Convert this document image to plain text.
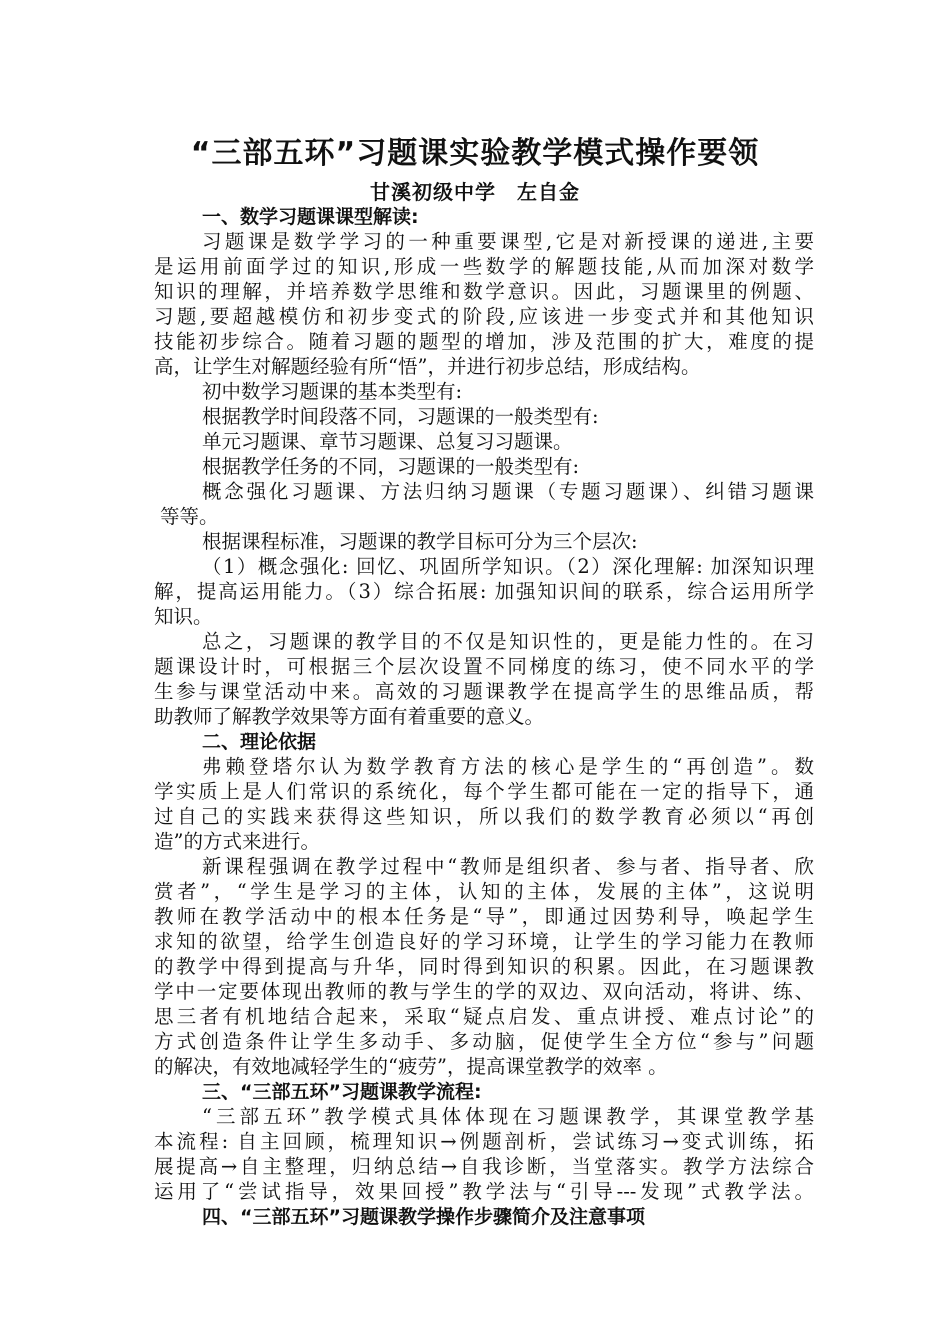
“三部五环”习题课实验教学模式操作要领
甘溪初级中学　左自金
一、数学习题课课型解读:
习题课是数学学习的一种重要课型,它是对新授课的递进,主要
是运用前面学过的知识,形成一些数学的解题技能,从而加深对数学
知识的理解，并培养数学思维和数学意识。因此，习题课里的例题、
习题,要超越模仿和初步变式的阶段,应该进一步变式并和其他知识
技能初步综合。随着习题的题型的增加，涉及范围的扩大，难度的提
高，让学生对解题经验有所“悟”，并进行初步总结，形成结构。
初中数学习题课的基本类型有:
根据教学时间段落不同，习题课的一般类型有:
单元习题课、章节习题课、总复习习题课。
根据教学任务的不同，习题课的一般类型有:
概念强化习题课、方法归纳习题课（专题习题课）、纠错习题课
等等。
根据课程标准，习题课的教学目标可分为三个层次:
（1）概念强化: 回忆、巩固所学知识。（2）深化理解: 加深知识理
解，提高运用能力。（3）综合拓展: 加强知识间的联系，综合运用所学
知识。
总之，习题课的教学目的不仅是知识性的，更是能力性的。在习
题课设计时，可根据三个层次设置不同梯度的练习，使不同水平的学
生参与课堂活动中来。高效的习题课教学在提高学生的思维品质，帮
助教师了解教学效果等方面有着重要的意义。
二、理论依据
弗赖登塔尔认为数学教育方法的核心是学生的“再创造”。数
学实质上是人们常识的系统化，每个学生都可能在一定的指导下，通
过自己的实践来获得这些知识，所以我们的数学教育必须以“再创
造”的方式来进行。
新课程强调在教学过程中“教师是组织者、参与者、指导者、欣
赏者”，“学生是学习的主体，认知的主体，发展的主体”，这说明
教师在教学活动中的根本任务是“导”，即通过因势利导，唤起学生
求知的欲望，给学生创造良好的学习环境，让学生的学习能力在教师
的教学中得到提高与升华，同时得到知识的积累。因此，在习题课教
学中一定要体现出教师的教与学生的学的双边、双向活动，将讲、练、
思三者有机地结合起来，采取“疑点启发、重点讲授、难点讨论”的
方式创造条件让学生多动手、多动脑，促使学生全方位“参与”问题
的解决，有效地减轻学生的“疲劳”，提高课堂教学的效率 。
三、“三部五环”习题课教学流程:
“三部五环”教学模式具体体现在习题课教学，其课堂教学基
本流程: 自主回顾，梳理知识→例题剖析，尝试练习→变式训练，拓
展提高→自主整理，归纳总结→自我诊断，当堂落实。教学方法综合
运用了“尝试指导，效果回授”教学法与“引导---发现”式教学法。
四、“三部五环”习题课教学操作步骤简介及注意事项
